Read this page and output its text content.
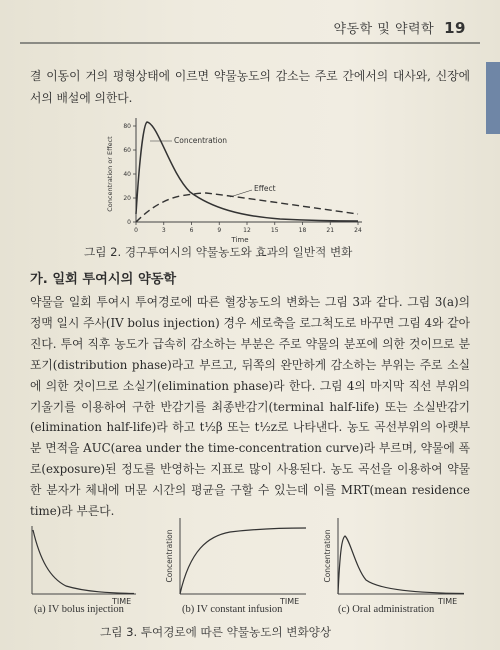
약동학 및 약력학 19
결 이동이 거의 평형상태에 이르면 약물농도의 감소는 주로 간에서의 대사와, 신장에서의 배설에 의한다.
0
20
40
60
80
0	3	6	9	12	15	18	21	24
Concentration or Effect
Time
Concentration
Effect
그림 2. 경구투여시의 약물농도와 효과의 일반적 변화
가. 일회 투여시의 약동학
약물을 일회 투여시 투여경로에 따른 혈장농도의 변화는 그림 3과 같다. 그림 3(a)의 정맥 일시 주사(IV bolus injection) 경우 세로축을 로그척도로 바꾸면 그림 4와 같아진다. 투여 직후 농도가 급속히 감소하는 부분은 주로 약물의 분포에 의한 것이므로 분포기(distribution phase)라고 부르고, 뒤쪽의 완만하게 감소하는 부위는 주로 소실에 의한 것이므로 소실기(elimination phase)라 한다. 그림 4의 마지막 직선 부위의 기울기를 이용하여 구한 반감기를 최종반감기(terminal half-life) 또는 소실반감기(elimination half-life)라 하고 t½β 또는 t½z로 나타낸다. 농도 곡선부위의 아랫부분 면적을 AUC(area under the time-concentration curve)라 부르며, 약물에 폭로(exposure)된 정도를 반영하는 지표로 많이 사용된다. 농도 곡선을 이용하여 약물 한 분자가 체내에 머문 시간의 평균을 구할 수 있는데 이를 MRT(mean residence time)라 부른다.
TIME
Concentration
TIME
Concentration
TIME
(a) IV bolus injection	(b) IV constant infusion	(c) Oral administration
그림 3. 투여경로에 따른 약물농도의 변화양상
